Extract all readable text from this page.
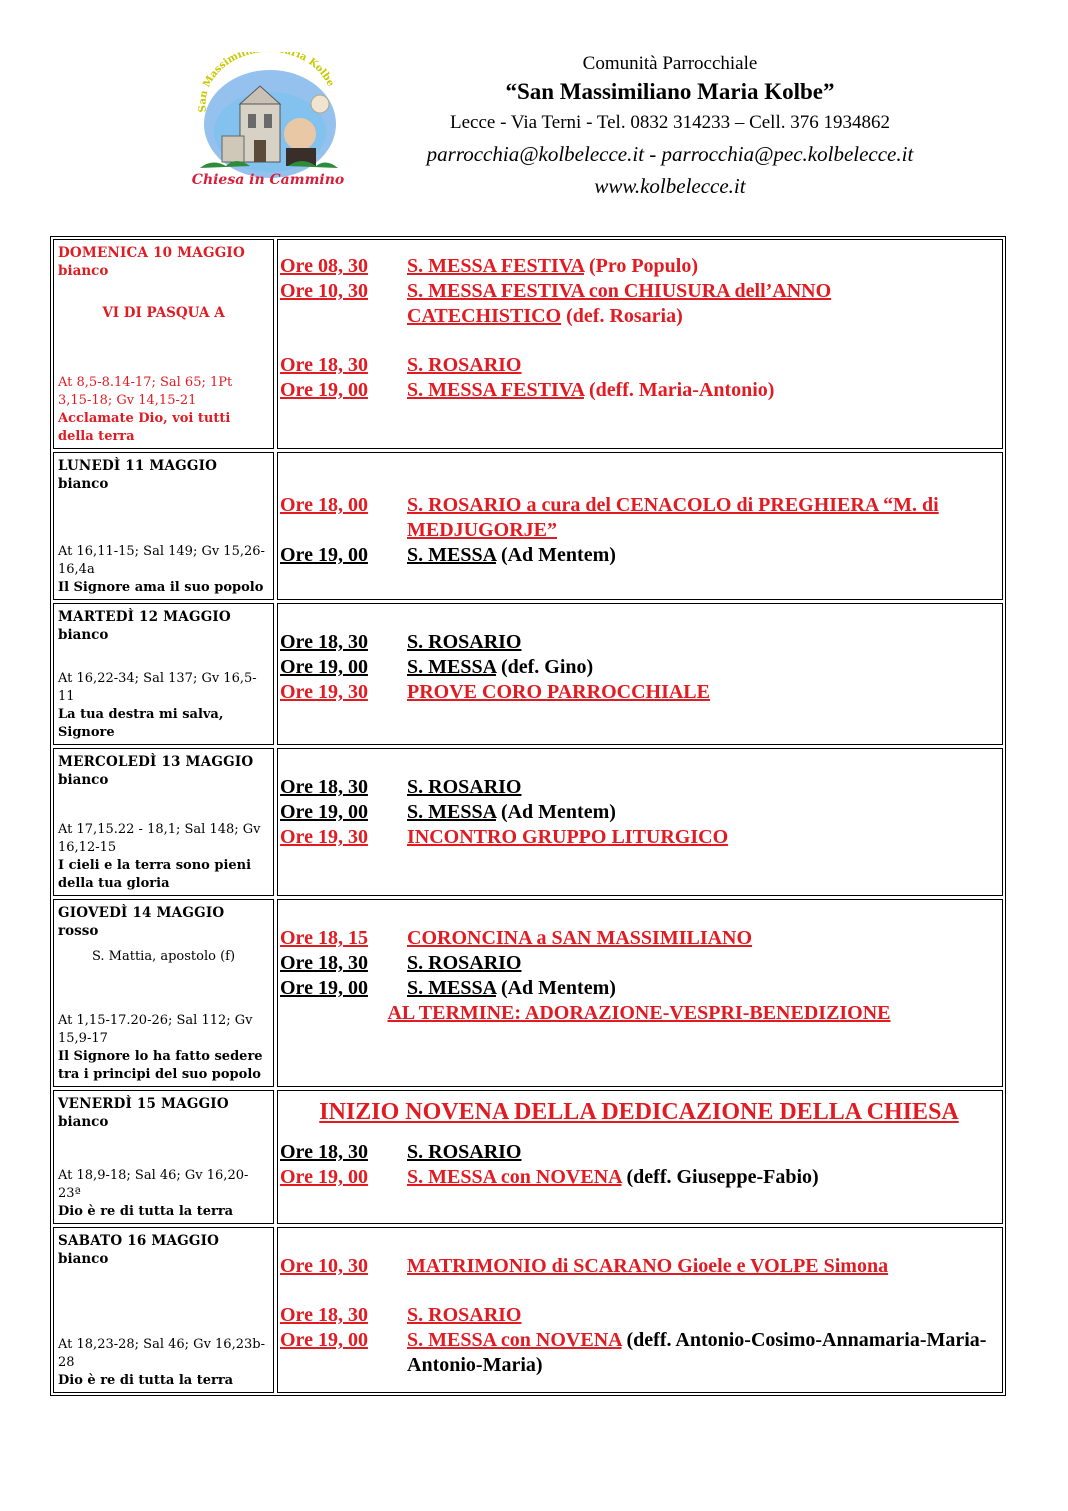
San Massimili ria Kolbe
Chiesa in Cammino
Comunità Parrocchiale
“San Massimiliano Maria Kolbe”
Lecce - Via Terni - Tel. 0832 314233 – Cell. 376 1934862
parrocchia@kolbelecce.it - parrocchia@pec.kolbelecce.it
www.kolbelecce.it
DOMENICA 10 MAGGIO
bianco
VI DI PASQUA A
At 8,5-8.14-17; Sal 65; 1Pt 3,15-18; Gv 14,15-21
Acclamate Dio, voi tutti della terra
Ore 08, 30	S. MESSA FESTIVA (Pro Populo)
Ore 10, 30	S. MESSA FESTIVA con CHIUSURA dell’ANNO CATECHISTICO (def. Rosaria)
Ore 18, 30	S. ROSARIO
Ore 19, 00	S. MESSA FESTIVA (deff. Maria-Antonio)
LUNEDÌ 11 MAGGIO
bianco
At 16,11-15; Sal 149; Gv 15,26-16,4a
Il Signore ama il suo popolo
Ore 18, 00	S. ROSARIO a cura del CENACOLO di PREGHIERA “M. di MEDJUGORJE”
Ore 19, 00	S. MESSA (Ad Mentem)
MARTEDÌ 12 MAGGIO
bianco
At 16,22-34; Sal 137; Gv 16,5-11
La tua destra mi salva, Signore
Ore 18, 30	S. ROSARIO
Ore 19, 00	S. MESSA (def. Gino)
Ore 19, 30	PROVE CORO PARROCCHIALE
MERCOLEDÌ 13 MAGGIO
bianco
At 17,15.22 - 18,1; Sal 148; Gv 16,12-15
I cieli e la terra sono pieni della tua gloria
Ore 18, 30	S. ROSARIO
Ore 19, 00	S. MESSA (Ad Mentem)
Ore 19, 30	INCONTRO GRUPPO LITURGICO
GIOVEDÌ 14 MAGGIO
rosso
S. Mattia, apostolo (f)
At 1,15-17.20-26; Sal 112; Gv 15,9-17
Il Signore lo ha fatto sedere tra i principi del suo popolo
Ore 18, 15	CORONCINA a SAN MASSIMILIANO
Ore 18, 30	S. ROSARIO
Ore 19, 00	S. MESSA (Ad Mentem)
AL TERMINE: ADORAZIONE-VESPRI-BENEDIZIONE
VENERDÌ 15 MAGGIO
bianco
At 18,9-18; Sal 46; Gv 16,20-23ª
Dio è re di tutta la terra
INIZIO NOVENA DELLA DEDICAZIONE DELLA CHIESA
Ore 18, 30	S. ROSARIO
Ore 19, 00	S. MESSA con NOVENA (deff. Giuseppe-Fabio)
SABATO 16 MAGGIO
bianco
At 18,23-28; Sal 46; Gv 16,23b-28
Dio è re di tutta la terra
Ore 10, 30	MATRIMONIO di SCARANO Gioele e VOLPE Simona
Ore 18, 30	S. ROSARIO
Ore 19, 00	S. MESSA con NOVENA (deff. Antonio-Cosimo-Annamaria-Maria-Antonio-Maria)
